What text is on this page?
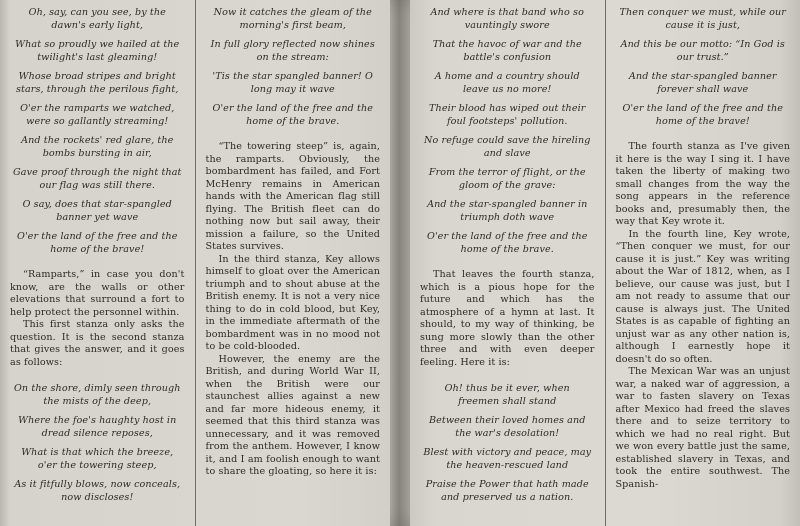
Oh, say, can you see, by the dawn's early light,
What so proudly we hailed at the twilight's last gleaming!
Whose broad stripes and bright stars, through the perilous fight,
O'er the ramparts we watched, were so gallantly streaming!
And the rockets' red glare, the bombs bursting in air,
Gave proof through the night that our flag was still there.
O say, does that star-spangled banner yet wave
O'er the land of the free and the home of the brave!
“Ramparts,” in case you don't know, are the walls or other elevations that surround a fort to help protect the personnel within.
This first stanza only asks the question. It is the second stanza that gives the answer, and it goes as follows:
On the shore, dimly seen through the mists of the deep,
Where the foe's haughty host in dread silence reposes,
What is that which the breeze, o'er the towering steep,
As it fitfully blows, now conceals, now discloses!
Now it catches the gleam of the morning's first beam,
In full glory reflected now shines on the stream:
'Tis the star spangled banner! O long may it wave
O'er the land of the free and the home of the brave.
“The towering steep” is, again, the ramparts. Obviously, the bombardment has failed, and Fort McHenry remains in American hands with the American flag still flying. The British fleet can do nothing now but sail away, their mission a failure, so the United States survives.
In the third stanza, Key allows himself to gloat over the American triumph and to shout abuse at the British enemy. It is not a very nice thing to do in cold blood, but Key, in the immediate aftermath of the bombardment was in no mood not to be cold-blooded.
However, the enemy are the British, and during World War II, when the British were our staunchest allies against a new and far more hideous enemy, it seemed that this third stanza was unnecessary, and it was removed from the anthem. However, I know it, and I am foolish enough to want to share the gloating, so here it is:
And where is that band who so vauntingly swore
That the havoc of war and the battle's confusion
A home and a country should leave us no more!
Their blood has wiped out their foul footsteps' pollution.
No refuge could save the hireling and slave
From the terror of flight, or the gloom of the grave:
And the star-spangled banner in triumph doth wave
O'er the land of the free and the home of the brave.
That leaves the fourth stanza, which is a pious hope for the future and which has the atmosphere of a hymn at last. It should, to my way of thinking, be sung more slowly than the other three and with even deeper feeling. Here it is:
Oh! thus be it ever, when freemen shall stand
Between their loved homes and the war's desolation!
Blest with victory and peace, may the heaven-rescued land
Praise the Power that hath made and preserved us a nation.
Then conquer we must, while our cause it is just,
And this be our motto: “In God is our trust.”
And the star-spangled banner forever shall wave
O'er the land of the free and the home of the brave!
The fourth stanza as I've given it here is the way I sing it. I have taken the liberty of making two small changes from the way the song appears in the reference books and, presumably then, the way that Key wrote it.
In the fourth line, Key wrote, “Then conquer we must, for our cause it is just.” Key was writing about the War of 1812, when, as I believe, our cause was just, but I am not ready to assume that our cause is always just. The United States is as capable of fighting an unjust war as any other nation is, although I earnestly hope it doesn't do so often.
The Mexican War was an unjust war, a naked war of aggression, a war to fasten slavery on Texas after Mexico had freed the slaves there and to seize territory to which we had no real right. But we won every battle just the same, established slavery in Texas, and took the entire southwest. The Spanish-
